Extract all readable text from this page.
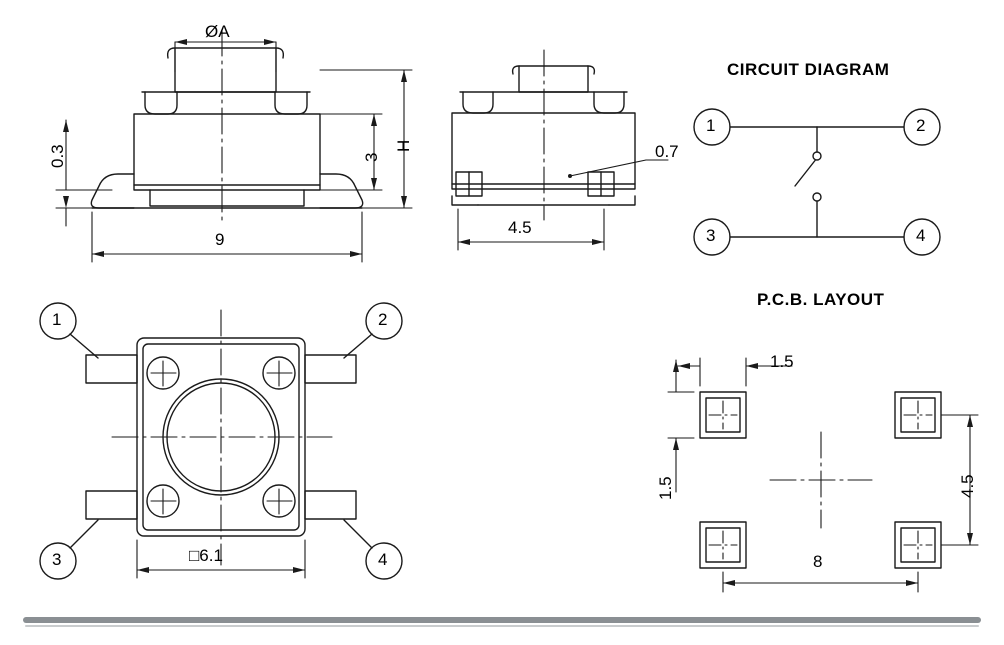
ØA
0.3	3
H
9
0.7
4.5
CIRCUIT DIAGRAM
1	2
3	4
1	2
3	4
□6.1
P.C.B. LAYOUT
1.5
1.5	4.5
8
